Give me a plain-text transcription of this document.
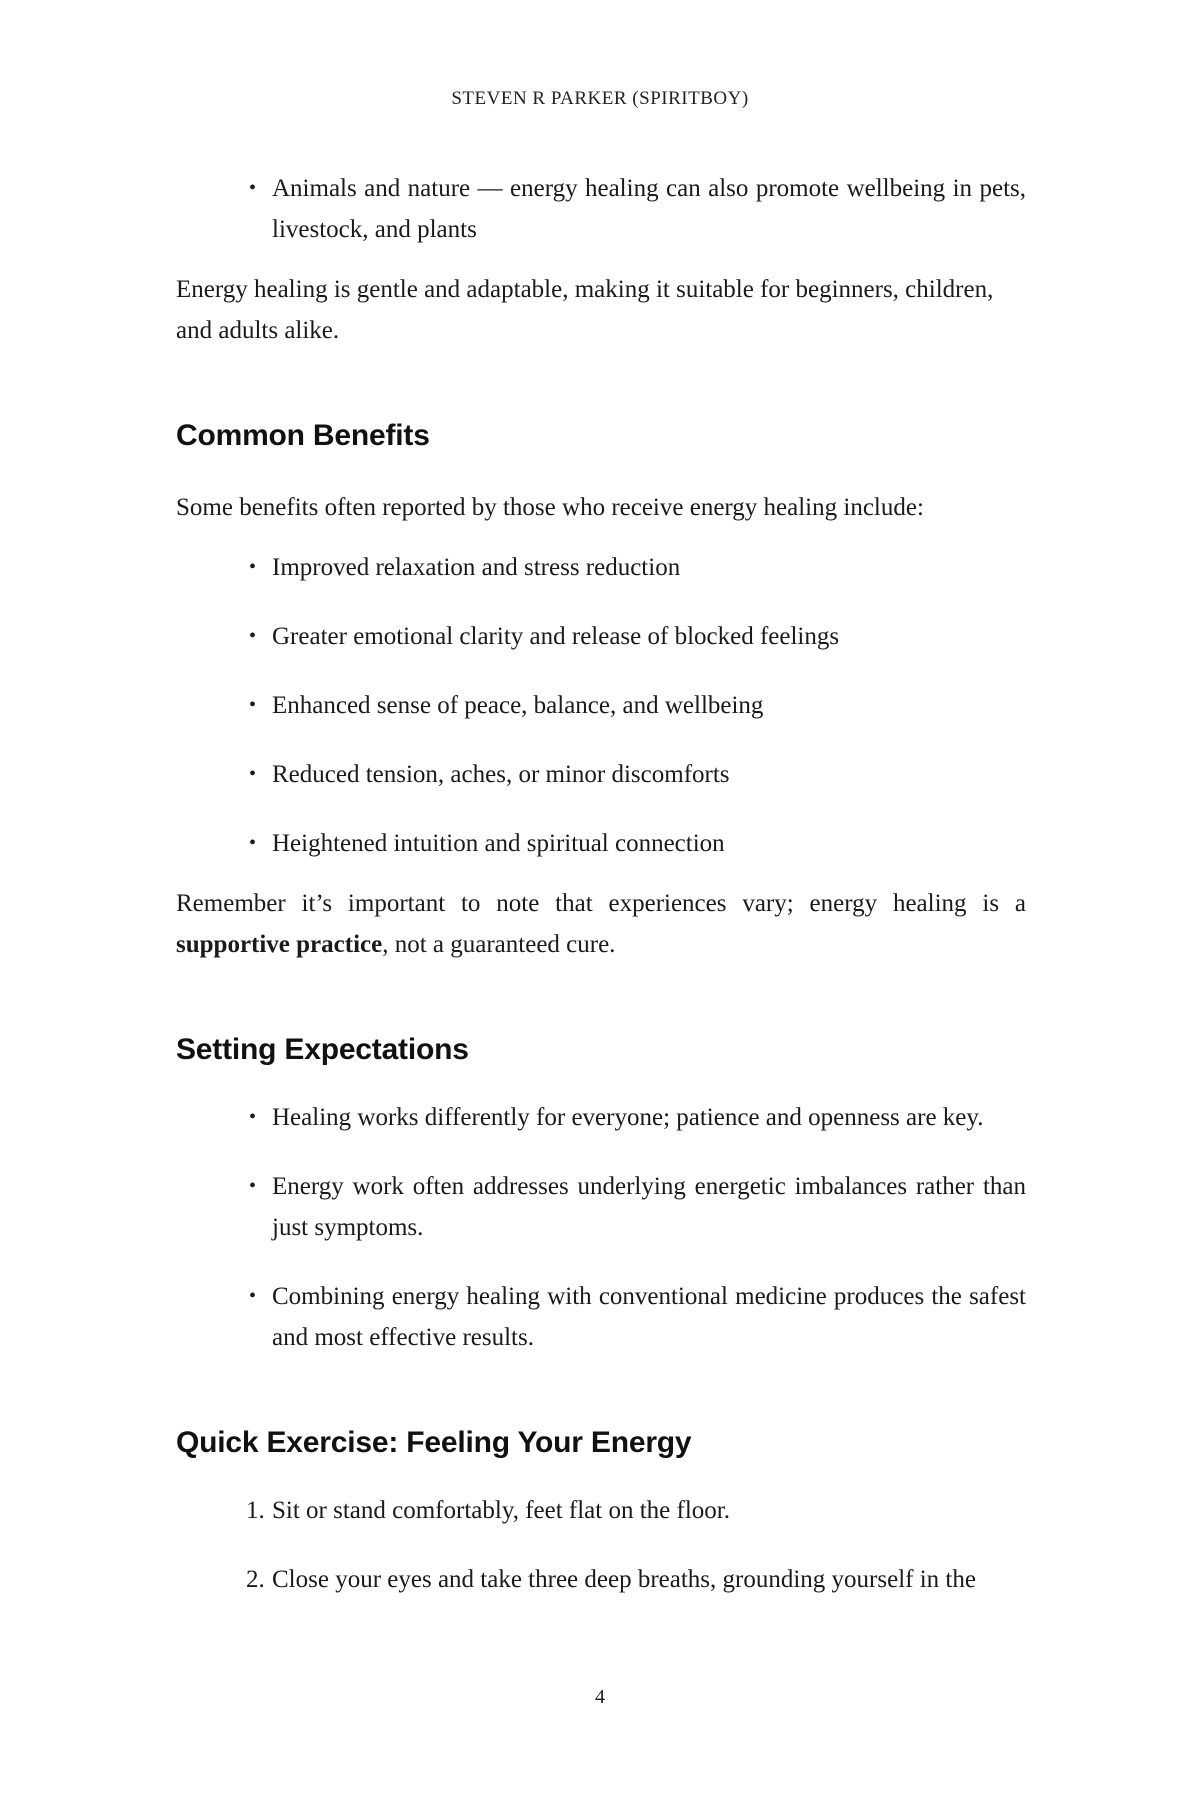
STEVEN R PARKER (SPIRITBOY)
• Animals and nature — energy healing can also promote wellbeing in pets, livestock, and plants

Energy healing is gentle and adaptable, making it suitable for beginners, children, and adults alike.

Common Benefits

Some benefits often reported by those who receive energy healing include:

• Improved relaxation and stress reduction
• Greater emotional clarity and release of blocked feelings
• Enhanced sense of peace, balance, and wellbeing
• Reduced tension, aches, or minor discomforts
• Heightened intuition and spiritual connection

Remember it’s important to note that experiences vary; energy healing is a supportive practice, not a guaranteed cure.

Setting Expectations
• Healing works differently for everyone; patience and openness are key.
• Energy work often addresses underlying energetic imbalances rather than just symptoms.
• Combining energy healing with conventional medicine produces the safest and most effective results.
Quick Exercise: Feeling Your Energy
1. Sit or stand comfortably, feet flat on the floor.
2. Close your eyes and take three deep breaths, grounding yourself in the
4
